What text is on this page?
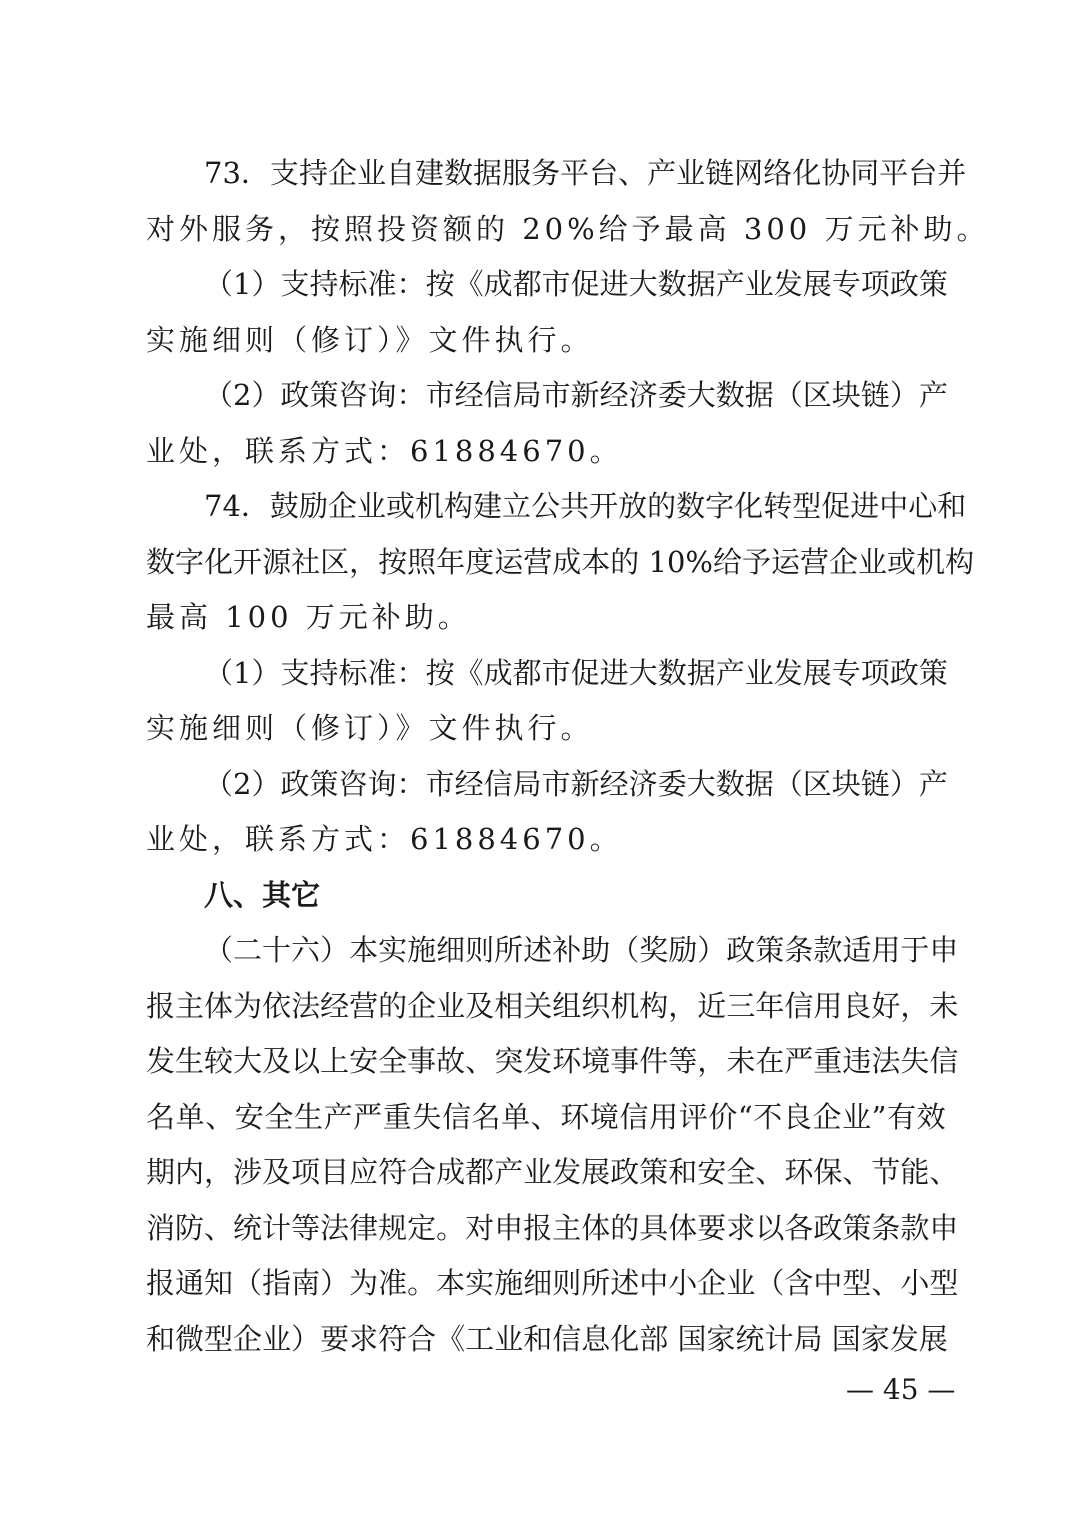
7 3 ． 支 持 企 业 自 建 数 据 服 务 平 台 、 产 业 链 网 络 化 协 同 平 台 并
对外服务，按照投资额的 20%给予最高 300 万元补助。
（ 1 ） 支 持 标 准 ： 按 《 成 都 市 促 进 大 数 据 产 业 发 展 专 项 政 策
实施细则（修订）》文件执行。
（ 2 ） 政 策 咨 询 ： 市 经 信 局 市 新 经 济 委 大 数 据 （ 区 块 链 ） 产
业处，联系方式：61884670。
7 4 ． 鼓 励 企 业 或 机 构 建 立 公 共 开 放 的 数 字 化 转 型 促 进 中 心 和
数 字 化 开 源 社 区 ， 按 照 年 度 运 营 成 本 的
1 0 % 给 予 运 营 企 业 或 机 构
最高 100 万元补助。
（ 1 ） 支 持 标 准 ： 按 《 成 都 市 促 进 大 数 据 产 业 发 展 专 项 政 策
实施细则（修订）》文件执行。
（ 2 ） 政 策 咨 询 ： 市 经 信 局 市 新 经 济 委 大 数 据 （ 区 块 链 ） 产
业处，联系方式：61884670。
八、其它
（ 二 十 六 ） 本 实 施 细 则 所 述 补 助 （ 奖 励 ） 政 策 条 款 适 用 于 申
报 主 体 为 依 法 经 营 的 企 业 及 相 关 组 织 机 构 ， 近 三 年 信 用 良 好 ， 未
发 生 较 大 及 以 上 安 全 事 故 、 突 发 环 境 事 件 等 ， 未 在 严 重 违 法 失 信
名 单 、 安 全 生 产 严 重 失 信 名 单 、 环 境 信 用 评 价 “ 不 良 企 业 ” 有 效
期 内 ， 涉 及 项 目 应 符 合 成 都 产 业 发 展 政 策 和 安 全 、 环 保 、 节 能 、
消 防 、 统 计 等 法 律 规 定 。 对 申 报 主 体 的 具 体 要 求 以 各 政 策 条 款 申
报 通 知 （ 指 南 ） 为 准 。 本 实 施 细 则 所 述 中 小 企 业 （ 含 中 型 、 小 型
和 微 型 企 业 ） 要 求 符 合 《 工 业 和 信 息 化 部
国 家 统 计 局
国 家 发 展
— 45 —
